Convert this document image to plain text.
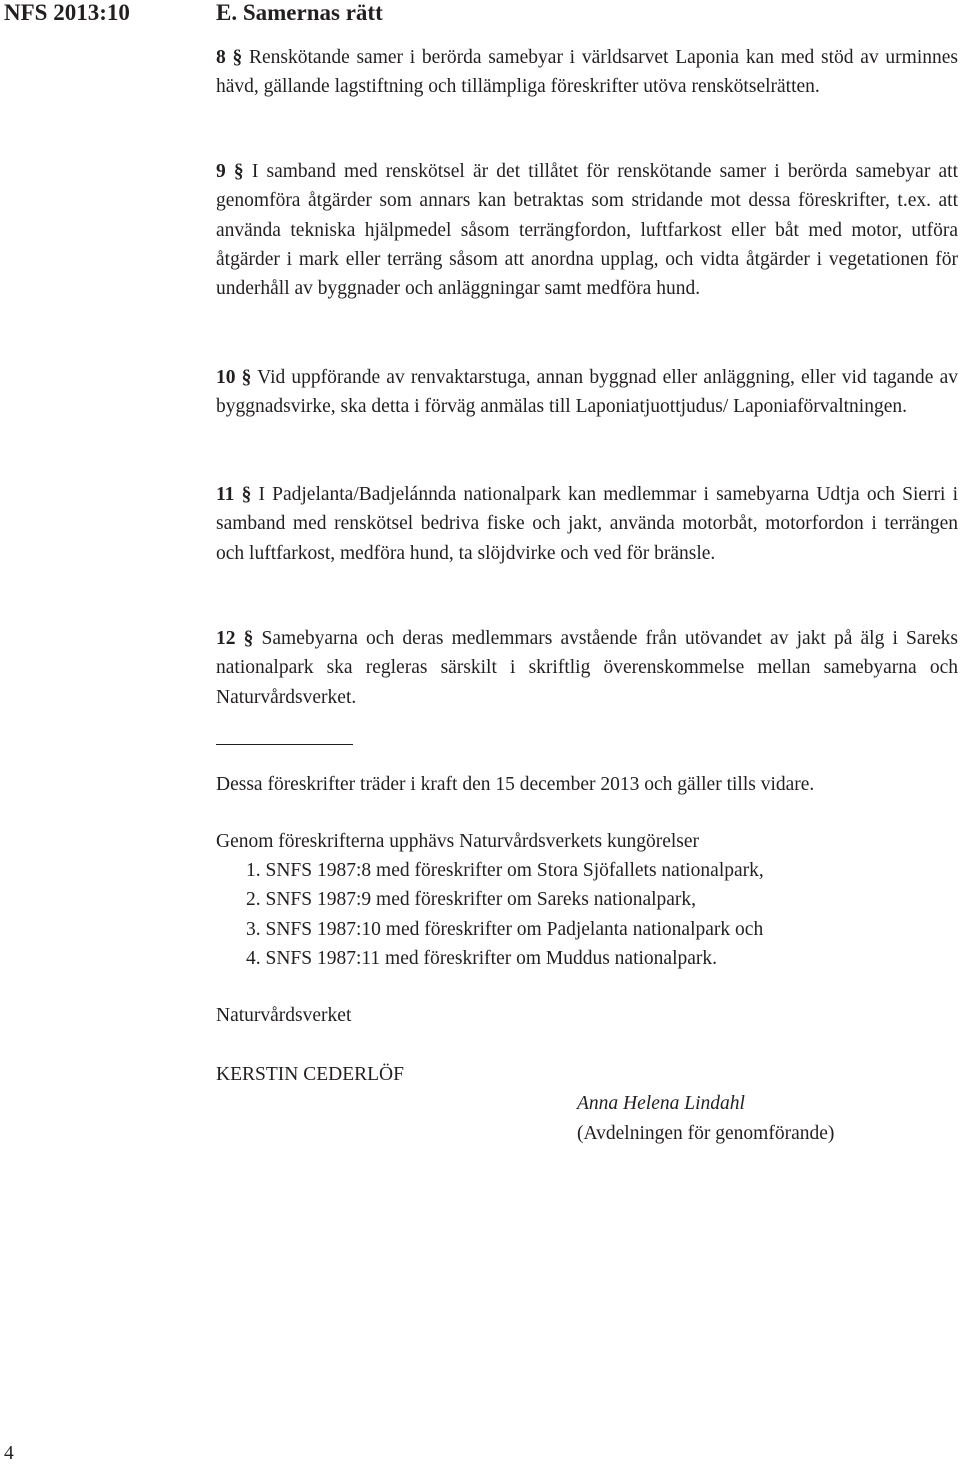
NFS 2013:10	E. Samernas rätt

8 § Renskötande samer i berörda samebyar i världsarvet Laponia kan med stöd av urminnes hävd, gällande lagstiftning och tillämpliga föreskrifter utöva renskötselrätten.

9 § I samband med renskötsel är det tillåtet för renskötande samer i berörda samebyar att genomföra åtgärder som annars kan betraktas som stridande mot dessa föreskrifter, t.ex. att använda tekniska hjälpmedel såsom terrängfordon, luftfarkost eller båt med motor, utföra åtgärder i mark eller terräng såsom att anordna upplag, och vidta åtgärder i vegetationen för underhåll av byggnader och anläggningar samt medföra hund.

10 § Vid uppförande av renvaktarstuga, annan byggnad eller anläggning, eller vid tagande av byggnadsvirke, ska detta i förväg anmälas till Laponiatjuottjudus/ Laponiaförvaltningen.

11 § I Padjelanta/Badjelánnda nationalpark kan medlemmar i samebyarna Udtja och Sierri i samband med renskötsel bedriva fiske och jakt, använda motorbåt, motorfordon i terrängen och luftfarkost, medföra hund, ta slöjdvirke och ved för bränsle.

12 § Samebyarna och deras medlemmars avstående från utövandet av jakt på älg i Sareks nationalpark ska regleras särskilt i skriftlig överenskommelse mellan samebyarna och Naturvårdsverket.

Dessa föreskrifter träder i kraft den 15 december 2013 och gäller tills vidare.
Genom föreskrifterna upphävs Naturvårdsverkets kungörelser
1. SNFS 1987:8 med föreskrifter om Stora Sjöfallets nationalpark,
2. SNFS 1987:9 med föreskrifter om Sareks nationalpark,
3. SNFS 1987:10 med föreskrifter om Padjelanta nationalpark och
4. SNFS 1987:11 med föreskrifter om Muddus nationalpark.
Naturvårdsverket
KERSTIN CEDERLÖF
Anna Helena Lindahl
(Avdelningen för genomförande)
4
